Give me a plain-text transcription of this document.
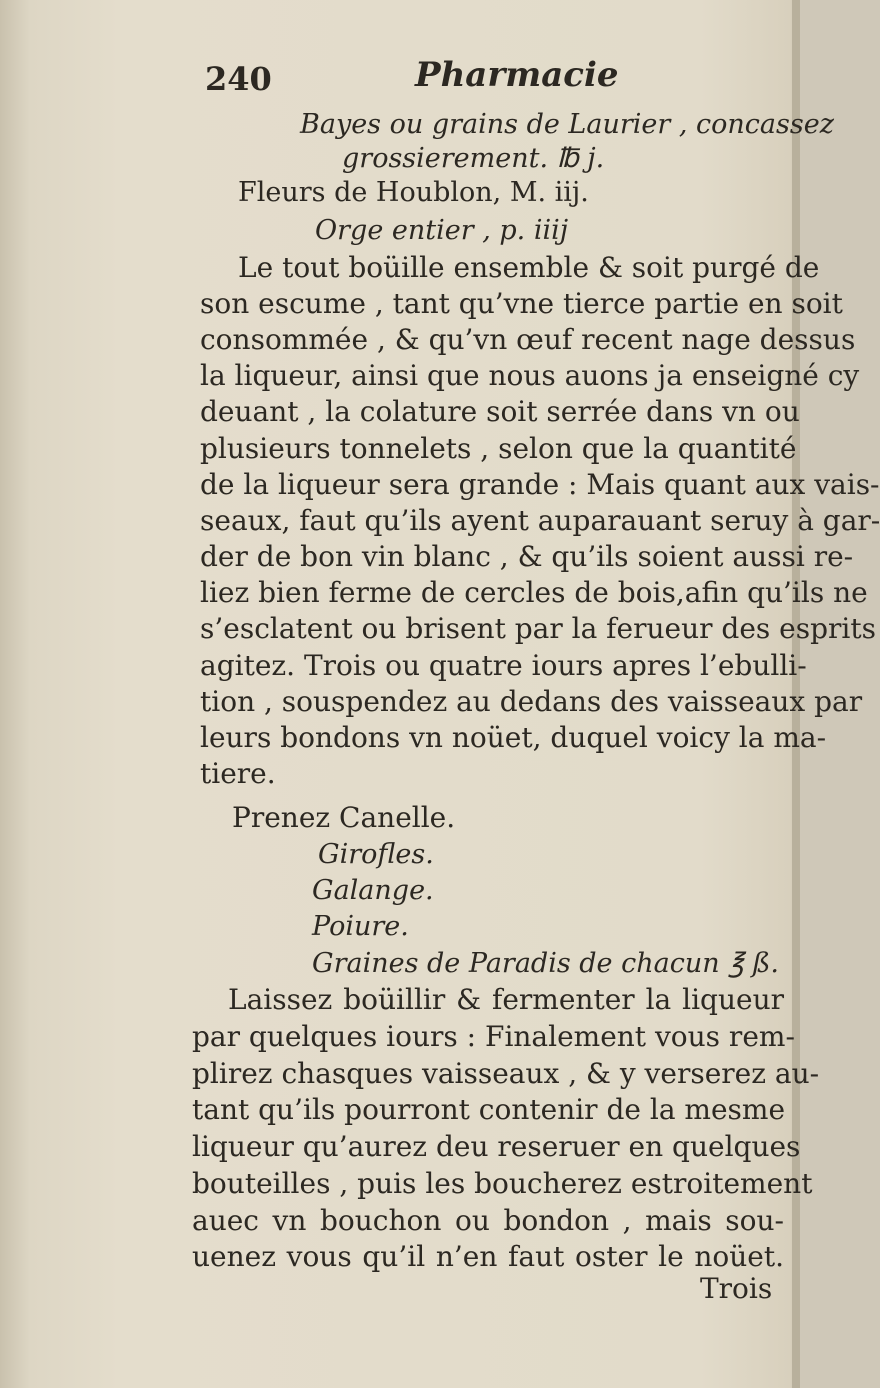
240	Pharmacie
Bayes ou grains de Laurier , concassez
grossierement. ℔ j.
Fleurs de Houblon, M. iij.
Orge entier , p. iiij
Le tout boüille ensemble & soit purgé de
son escume , tant qu’vne tierce partie en soit
consommée , & qu’vn œuf recent nage dessus
la liqueur, ainsi que nous auons ja enseigné cy
deuant , la colature soit serrée dans vn ou
plusieurs tonnelets , selon que la quantité
de la liqueur sera grande : Mais quant aux vais-
seaux, faut qu’ils ayent auparauant seruy à gar-
der de bon vin blanc , & qu’ils soient aussi re-
liez bien ferme de cercles de bois,afin qu’ils ne
s’esclatent ou brisent par la ferueur des esprits
agitez. Trois ou quatre iours apres l’ebulli-
tion , souspendez au dedans des vaisseaux par
leurs bondons vn noüet, duquel voicy la ma-
tiere.
Prenez Canelle.
Girofles.
Galange.
Poiure.
Graines de Paradis de chacun ℥ ß.
Laissez boüillir & fermenter la liqueur
par quelques iours : Finalement vous rem-
plirez chasques vaisseaux , & y verserez au-
tant qu’ils pourront contenir de la mesme
liqueur qu’aurez deu reseruer en quelques
bouteilles , puis les boucherez estroitement
auec vn bouchon ou bondon , mais sou-
uenez vous qu’il n’en faut oster le noüet.
Trois
